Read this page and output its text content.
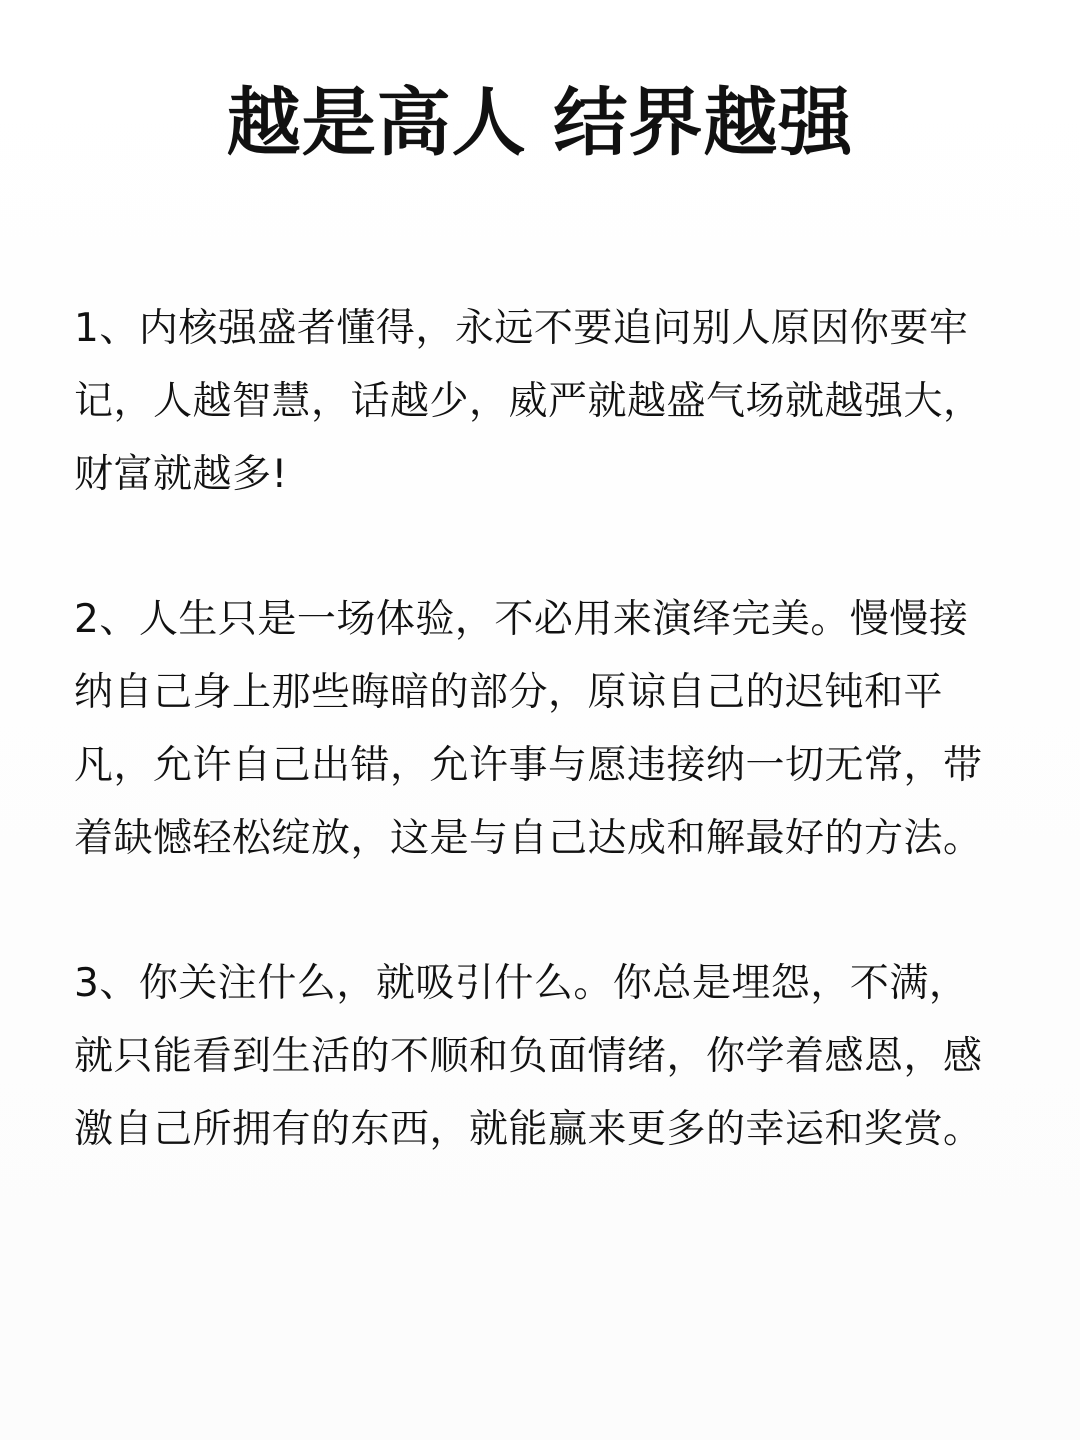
越是高人 结界越强

1、内核强盛者懂得，永远不要追问别人原因你要牢记，人越智慧，话越少，威严就越盛气场就越强大，财富就越多!

2、人生只是一场体验，不必用来演绎完美。慢慢接纳自己身上那些晦暗的部分，原谅自己的迟钝和平凡，允许自己出错，允许事与愿违接纳一切无常，带着缺憾轻松绽放，这是与自己达成和解最好的方法。

3、你关注什么，就吸引什么。你总是埋怨，不满，就只能看到生活的不顺和负面情绪，你学着感恩，感激自己所拥有的东西，就能赢来更多的幸运和奖赏。
